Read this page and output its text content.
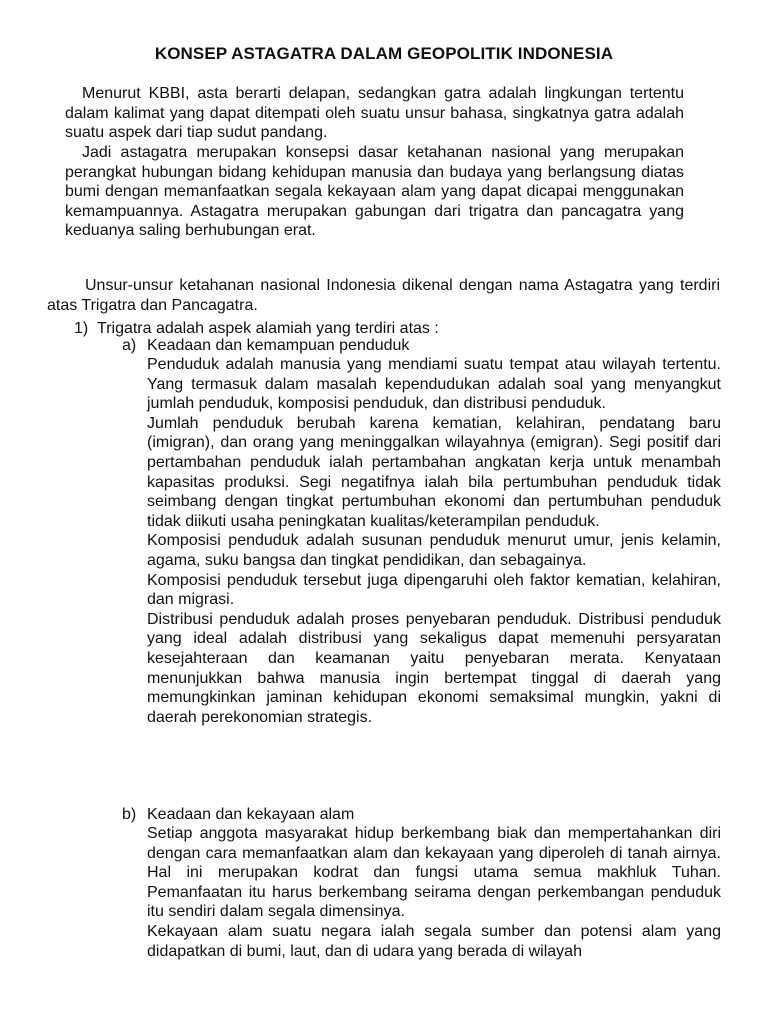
KONSEP ASTAGATRA DALAM GEOPOLITIK INDONESIA

Menurut KBBI, asta berarti delapan, sedangkan gatra adalah lingkungan tertentu dalam kalimat yang dapat ditempati oleh suatu unsur bahasa, singkatnya gatra adalah suatu aspek dari tiap sudut pandang.

Jadi astagatra merupakan konsepsi dasar ketahanan nasional yang merupakan perangkat hubungan bidang kehidupan manusia dan budaya yang berlangsung diatas bumi dengan memanfaatkan segala kekayaan alam yang dapat dicapai menggunakan kemampuannya. Astagatra merupakan gabungan dari trigatra dan pancagatra yang keduanya saling berhubungan erat.

Unsur-unsur ketahanan nasional Indonesia dikenal dengan nama Astagatra yang terdiri atas Trigatra dan Pancagatra.

1) Trigatra adalah aspek alamiah yang terdiri atas :
a) Keadaan dan kemampuan penduduk

Penduduk adalah manusia yang mendiami suatu tempat atau wilayah tertentu. Yang termasuk dalam masalah kependudukan adalah soal yang menyangkut jumlah penduduk, komposisi penduduk, dan distribusi penduduk.

Jumlah penduduk berubah karena kematian, kelahiran, pendatang baru (imigran), dan orang yang meninggalkan wilayahnya (emigran). Segi positif dari pertambahan penduduk ialah pertambahan angkatan kerja untuk menambah kapasitas produksi. Segi negatifnya ialah bila pertumbuhan penduduk tidak seimbang dengan tingkat pertumbuhan ekonomi dan pertumbuhan penduduk tidak diikuti usaha peningkatan kualitas/keterampilan penduduk.

Komposisi penduduk adalah susunan penduduk menurut umur, jenis kelamin, agama, suku bangsa dan tingkat pendidikan, dan sebagainya.

Komposisi penduduk tersebut juga dipengaruhi oleh faktor kematian, kelahiran, dan migrasi.

Distribusi penduduk adalah proses penyebaran penduduk. Distribusi penduduk yang ideal adalah distribusi yang sekaligus dapat memenuhi persyaratan kesejahteraan dan keamanan yaitu penyebaran merata. Kenyataan menunjukkan bahwa manusia ingin bertempat tinggal di daerah yang memungkinkan jaminan kehidupan ekonomi semaksimal mungkin, yakni di daerah perekonomian strategis.

b) Keadaan dan kekayaan alam

Setiap anggota masyarakat hidup berkembang biak dan mempertahankan diri dengan cara memanfaatkan alam dan kekayaan yang diperoleh di tanah airnya. Hal ini merupakan kodrat dan fungsi utama semua makhluk Tuhan. Pemanfaatan itu harus berkembang seirama dengan perkembangan penduduk itu sendiri dalam segala dimensinya.

Kekayaan alam suatu negara ialah segala sumber dan potensi alam yang didapatkan di bumi, laut, dan di udara yang berada di wilayah
